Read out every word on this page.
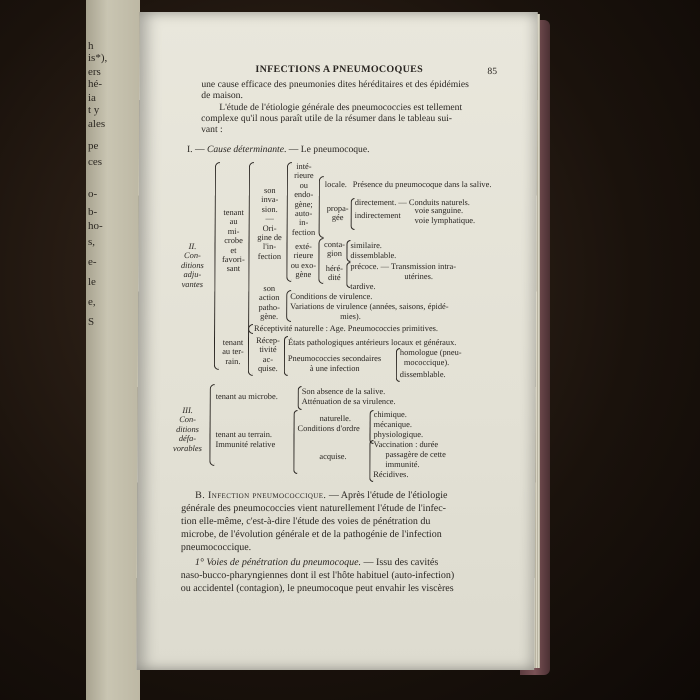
h
is*),
ers
hé-
ia
t y
ales
pe
ces
o-
b-
ho-
s,
e-
le
e,
S
INFECTIONS A PNEUMOCOQUES	85
une cause efficace des pneumonies dites héréditaires et des épidémies
de maison.
L'étude de l'étiologie générale des pneumococcies est tellement
complexe qu'il nous paraît utile de la résumer dans le tableau sui-
vant :
I. — Cause déterminante. — Le pneumocoque.
II.
Con-
ditions
adju-
vantes
tenant
au
mi-
crobe
et
favori-
sant
son
inva-
sion.
—
Ori-
gine de
l'in-
fection
inté-
rieure
ou
endo-
gène;
auto-
in-
fection
locale. Présence du pneumocoque dans la salive.
propa-
gée
directement. — Conduits naturels.
indirectement
voie sanguine.
voie lymphatique.
exté-
rieure
ou exo-
gène
conta-
gion
similaire.
dissemblable.
héré-
dité
précoce. — Transmission intra-
utérines.
tardive.
son
action
patho-
gène.
Conditions de virulence.
Variations de virulence (années, saisons, épidé-
mies).
tenant
au ter-
rain.
Réceptivité naturelle : Age. Pneumococcies primitives.
Récep-
tivité
ac-
quise.
États pathologiques antérieurs locaux et généraux.
Pneumococcies secondaires
à une infection
homologue (pneu-
mococcique).
dissemblable.
III.
Con-
ditions
défa-
vorables
tenant au microbe.
Son absence de la salive.
Atténuation de sa virulence.
tenant au terrain.
Immunité relative
naturelle.
Conditions d'ordre
chimique.
mécanique.
physiologique.
acquise.
Vaccination : durée
passagère de cette
immunité.
Récidives.
B. Infection pneumococcique. — Après l'étude de l'étiologie
générale des pneumococcies vient naturellement l'étude de l'infec-
tion elle-même, c'est-à-dire l'étude des voies de pénétration du
microbe, de l'évolution générale et de la pathogénie de l'infection
pneumococcique.
1° Voies de pénétration du pneumocoque. — Issu des cavités
naso-bucco-pharyngiennes dont il est l'hôte habituel (auto-infection)
ou accidentel (contagion), le pneumocoque peut envahir les viscères
